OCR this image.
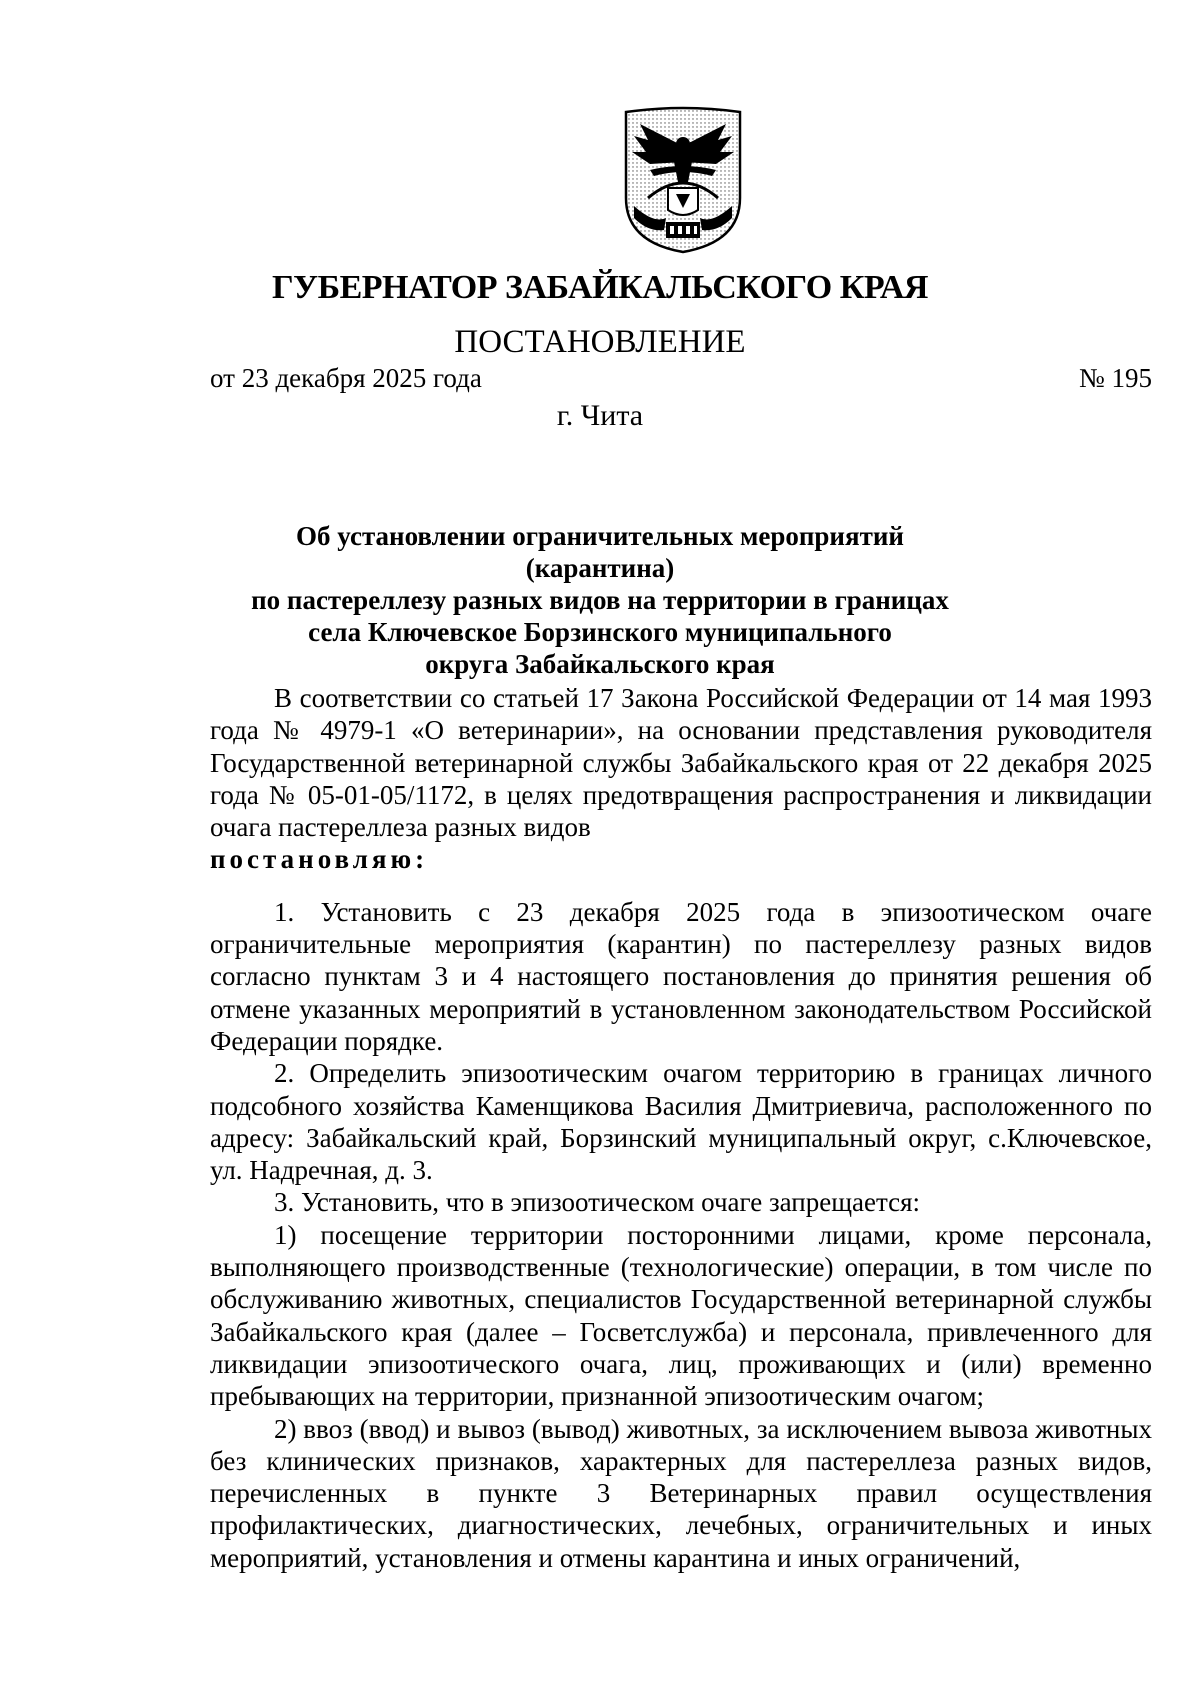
ГУБЕРНАТОР ЗАБАЙКАЛЬСКОГО КРАЯ
ПОСТАНОВЛЕНИЕ
от 23 декабря 2025 года	№ 195
г. Чита
Об установлении ограничительных мероприятий (карантина)
по пастереллезу разных видов на территории в границах
села Ключевское Борзинского муниципального
округа Забайкальского края

В соответствии со статьей 17 Закона Российской Федерации от 14 мая 1993 года № 4979-1 «О ветеринарии», на основании представления руководителя Государственной ветеринарной службы Забайкальского края от 22 декабря 2025 года № 05-01-05/1172, в целях предотвращения распространения и ликвидации очага пастереллеза разных видов

постановляю:

1. Установить с 23 декабря 2025 года в эпизоотическом очаге ограничительные мероприятия (карантин) по пастереллезу разных видов согласно пунктам 3 и 4 настоящего постановления до принятия решения об отмене указанных мероприятий в установленном законодательством Российской Федерации порядке.

2. Определить эпизоотическим очагом территорию в границах личного подсобного хозяйства Каменщикова Василия Дмитриевича, расположенного по адресу: Забайкальский край, Борзинский муниципальный округ, с.Ключевское, ул. Надречная, д. 3.

3. Установить, что в эпизоотическом очаге запрещается:

1) посещение территории посторонними лицами, кроме персонала, выполняющего производственные (технологические) операции, в том числе по обслуживанию животных, специалистов Государственной ветеринарной службы Забайкальского края (далее – Госветслужба) и персонала, привлеченного для ликвидации эпизоотического очага, лиц, проживающих и (или) временно пребывающих на территории, признанной эпизоотическим очагом;

2) ввоз (ввод) и вывоз (вывод) животных, за исключением вывоза животных без клинических признаков, характерных для пастереллеза разных видов, перечисленных в пункте 3 Ветеринарных правил осуществления профилактических, диагностических, лечебных, ограничительных и иных мероприятий, установления и отмены карантина и иных ограничений,
